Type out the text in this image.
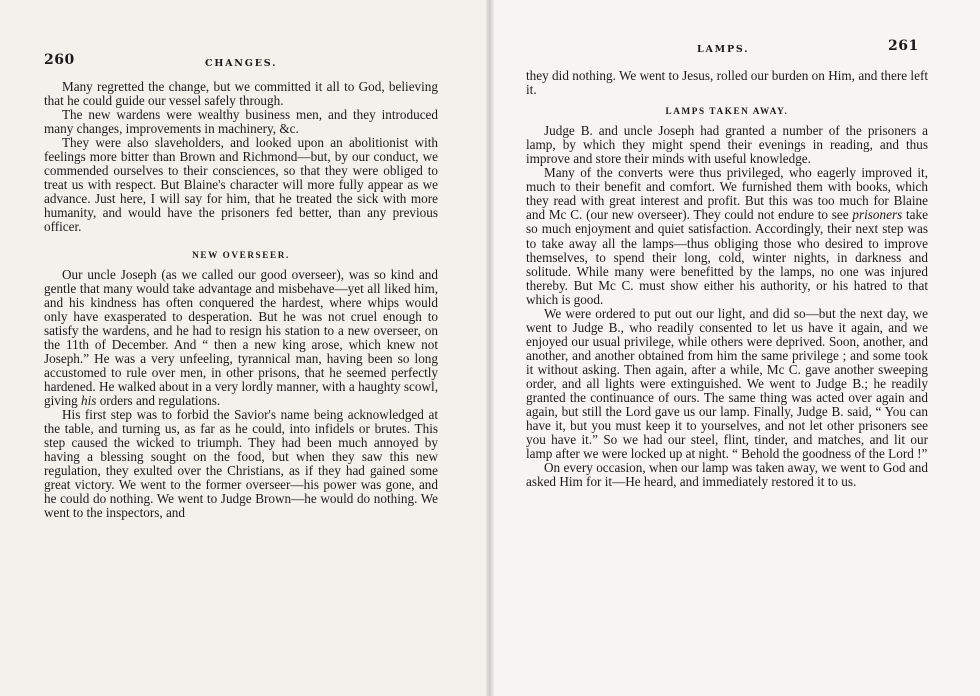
260	CHANGES.

Many regretted the change, but we committed it all to God, believing that he could guide our vessel safely through.

The new wardens were wealthy business men, and they introduced many changes, improvements in machinery, &c.

They were also slaveholders, and looked upon an abolitionist with feelings more bitter than Brown and Richmond—but, by our conduct, we commended ourselves to their consciences, so that they were obliged to treat us with respect. But Blaine's character will more fully appear as we advance. Just here, I will say for him, that he treated the sick with more humanity, and would have the prisoners fed better, than any previous officer.

NEW OVERSEER.

Our uncle Joseph (as we called our good overseer), was so kind and gentle that many would take advantage and misbehave—yet all liked him, and his kindness has often conquered the hardest, where whips would only have exasperated to desperation. But he was not cruel enough to satisfy the wardens, and he had to resign his station to a new overseer, on the 11th of December. And “ then a new king arose, which knew not Joseph.” He was a very unfeeling, tyrannical man, having been so long accustomed to rule over men, in other prisons, that he seemed perfectly hardened. He walked about in a very lordly manner, with a haughty scowl, giving his orders and regulations.

His first step was to forbid the Savior's name being acknowledged at the table, and turning us, as far as he could, into infidels or brutes. This step caused the wicked to triumph. They had been much annoyed by having a blessing sought on the food, but when they saw this new regulation, they exulted over the Christians, as if they had gained some great victory. We went to the former overseer—his power was gone, and he could do nothing. We went to Judge Brown—he would do nothing. We went to the inspectors, and

LAMPS.	261

they did nothing. We went to Jesus, rolled our burden on Him, and there left it.

LAMPS TAKEN AWAY.

Judge B. and uncle Joseph had granted a number of the prisoners a lamp, by which they might spend their evenings in reading, and thus improve and store their minds with useful knowledge.

Many of the converts were thus privileged, who eagerly improved it, much to their benefit and comfort. We furnished them with books, which they read with great interest and profit. But this was too much for Blaine and Mc C. (our new overseer). They could not endure to see prisoners take so much enjoyment and quiet satisfaction. Accordingly, their next step was to take away all the lamps—thus obliging those who desired to improve themselves, to spend their long, cold, winter nights, in darkness and solitude. While many were benefitted by the lamps, no one was injured thereby. But Mc C. must show either his authority, or his hatred to that which is good.

We were ordered to put out our light, and did so—but the next day, we went to Judge B., who readily consented to let us have it again, and we enjoyed our usual privilege, while others were deprived. Soon, another, and another, and another obtained from him the same privilege ; and some took it without asking. Then again, after a while, Mc C. gave another sweeping order, and all lights were extinguished. We went to Judge B.; he readily granted the continuance of ours. The same thing was acted over again and again, but still the Lord gave us our lamp. Finally, Judge B. said, “ You can have it, but you must keep it to yourselves, and not let other prisoners see you have it.” So we had our steel, flint, tinder, and matches, and lit our lamp after we were locked up at night. “ Behold the goodness of the Lord !”

On every occasion, when our lamp was taken away, we went to God and asked Him for it—He heard, and immediately restored it to us.
